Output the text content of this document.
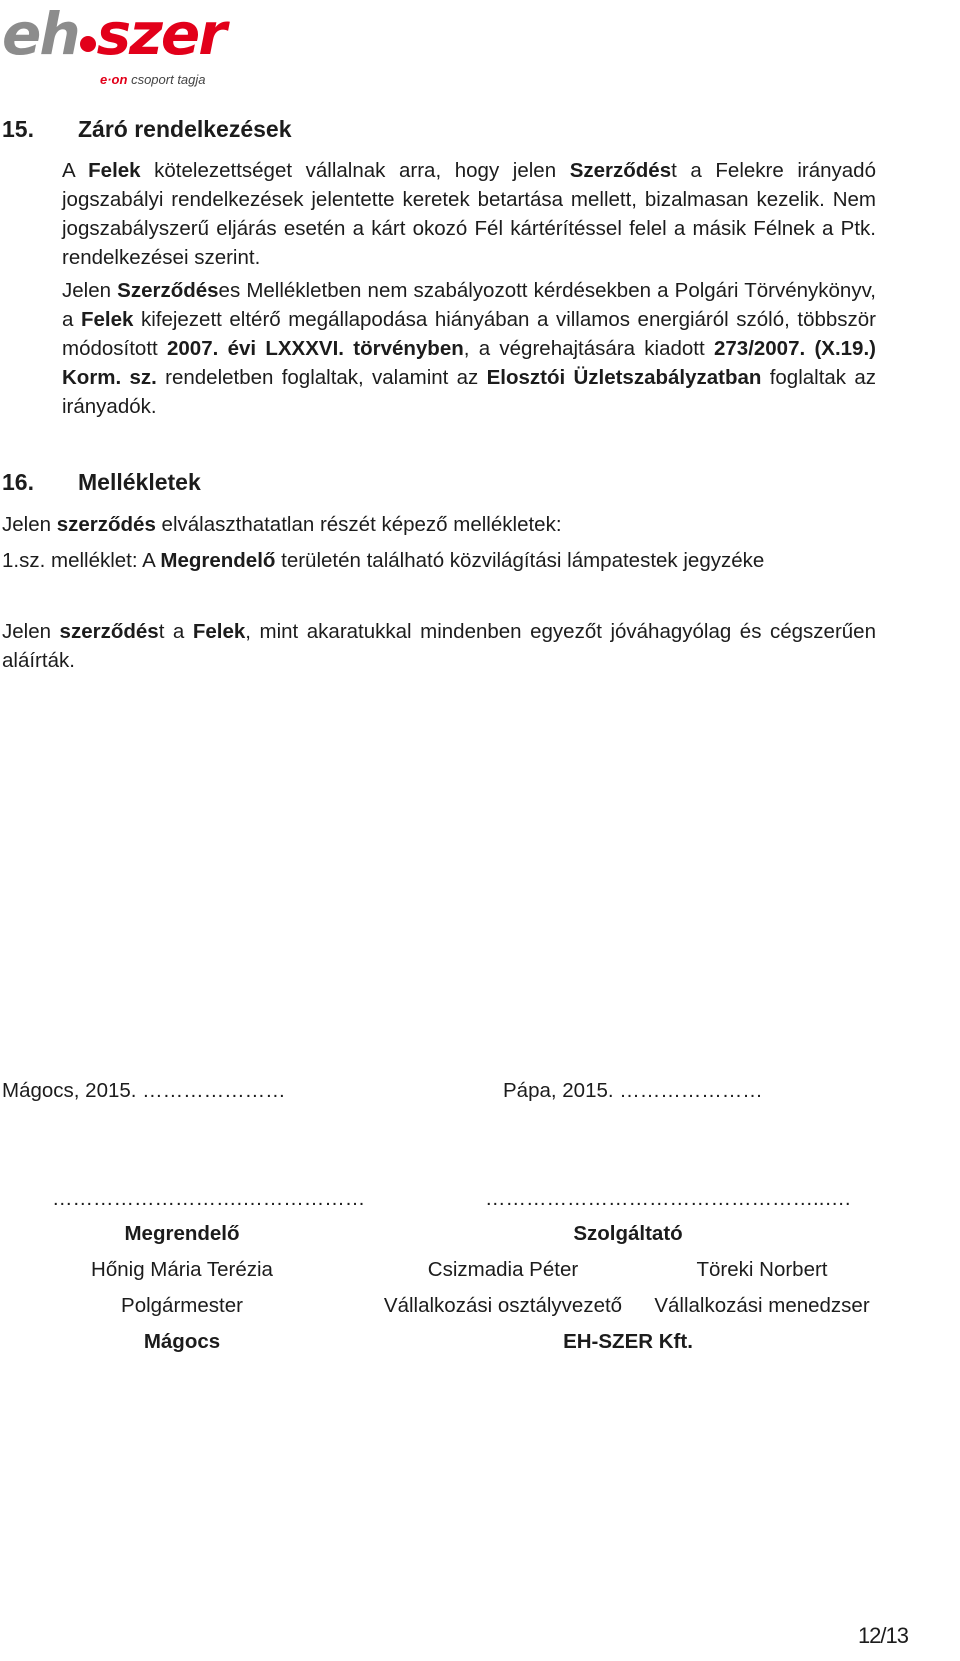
eh szer
e·on csoport tagja
15. Záró rendelkezések
A Felek kötelezettséget vállalnak arra, hogy jelen Szerződést a Felekre irányadó jogszabályi rendelkezések jelentette keretek betartása mellett, bizalmasan kezelik. Nem jogszabályszerű eljárás esetén a kárt okozó Fél kártérítéssel felel a másik Félnek a Ptk. rendelkezései szerint.
Jelen Szerződéses Mellékletben nem szabályozott kérdésekben a Polgári Törvénykönyv, a Felek kifejezett eltérő megállapodása hiányában a villamos energiáról szóló, többször módosított 2007. évi LXXXVI. törvényben, a végrehajtására kiadott 273/2007. (X.19.) Korm. sz. rendeletben foglaltak, valamint az Elosztói Üzletszabályzatban foglaltak az irányadók.
16. Mellékletek
Jelen szerződés elválaszthatatlan részét képező mellékletek:
1.sz. melléklet: A Megrendelő területén található közvilágítási lámpatestek jegyzéke
Jelen szerződést a Felek, mint akaratukkal mindenben egyezőt jóváhagyólag és cégszerűen aláírták.
Mágocs, 2015. …………………	Pápa, 2015. …………………
……………………….………………	…………………………………………..….
Megrendelő
Hőnig Mária Terézia
Polgármester
Mágocs
Szolgáltató
Csizmadia Péter
Vállalkozási osztályvezető
Töreki Norbert
Vállalkozási menedzser
EH-SZER Kft.
12/13
